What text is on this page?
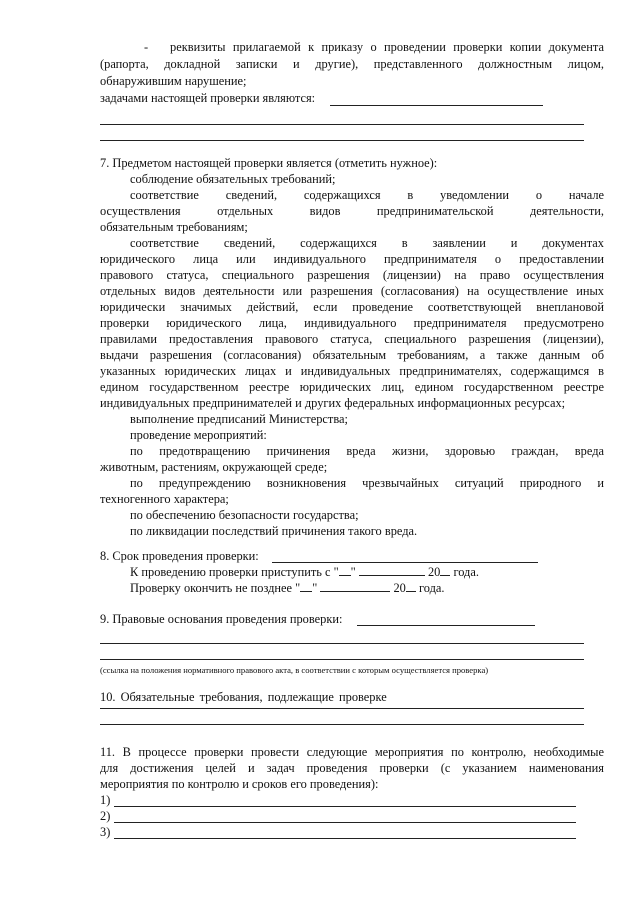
-	реквизиты прилагаемой к приказу о проведении проверки копии документа
(рапорта, докладной записки и другие), представленного должностным лицом,
обнаружившим нарушение;
задачами настоящей проверки являются:
7. Предметом настоящей проверки является (отметить нужное):
соблюдение обязательных требований;
соответствие сведений, содержащихся в уведомлении о начале
осуществления отдельных видов предпринимательской деятельности,
обязательным требованиям;
соответствие сведений, содержащихся в заявлении и документах
юридического лица или индивидуального предпринимателя о предоставлении
правового статуса, специального разрешения (лицензии) на право осуществления
отдельных видов деятельности или разрешения (согласования) на осуществление иных
юридически значимых действий, если проведение соответствующей внеплановой
проверки юридического лица, индивидуального предпринимателя предусмотрено
правилами предоставления правового статуса, специального разрешения (лицензии),
выдачи разрешения (согласования) обязательным требованиям, а также данным об
указанных юридических лицах и индивидуальных предпринимателях, содержащимся в
едином государственном реестре юридических лиц, едином государственном реестре
индивидуальных предпринимателей и других федеральных информационных ресурсах;
выполнение предписаний Министерства;
проведение мероприятий:
по предотвращению причинения вреда жизни, здоровью граждан, вреда
животным, растениям, окружающей среде;
по предупреждению возникновения чрезвычайных ситуаций природного и
техногенного характера;
по обеспечению безопасности государства;
по ликвидации последствий причинения такого вреда.
8. Срок проведения проверки:
К проведению проверки приступить с " "	20 года.
Проверку окончить не позднее " "	20 года.
9. Правовые основания проведения проверки:
(ссылка на положения нормативного правового акта, в соответствии с которым осуществляется проверка)
10. Обязательные требования, подлежащие проверке
11. В процессе проверки провести следующие мероприятия по контролю, необходимые
для достижения целей и задач проведения проверки (с указанием наименования
мероприятия по контролю и сроков его проведения):
1)
2)
3)
